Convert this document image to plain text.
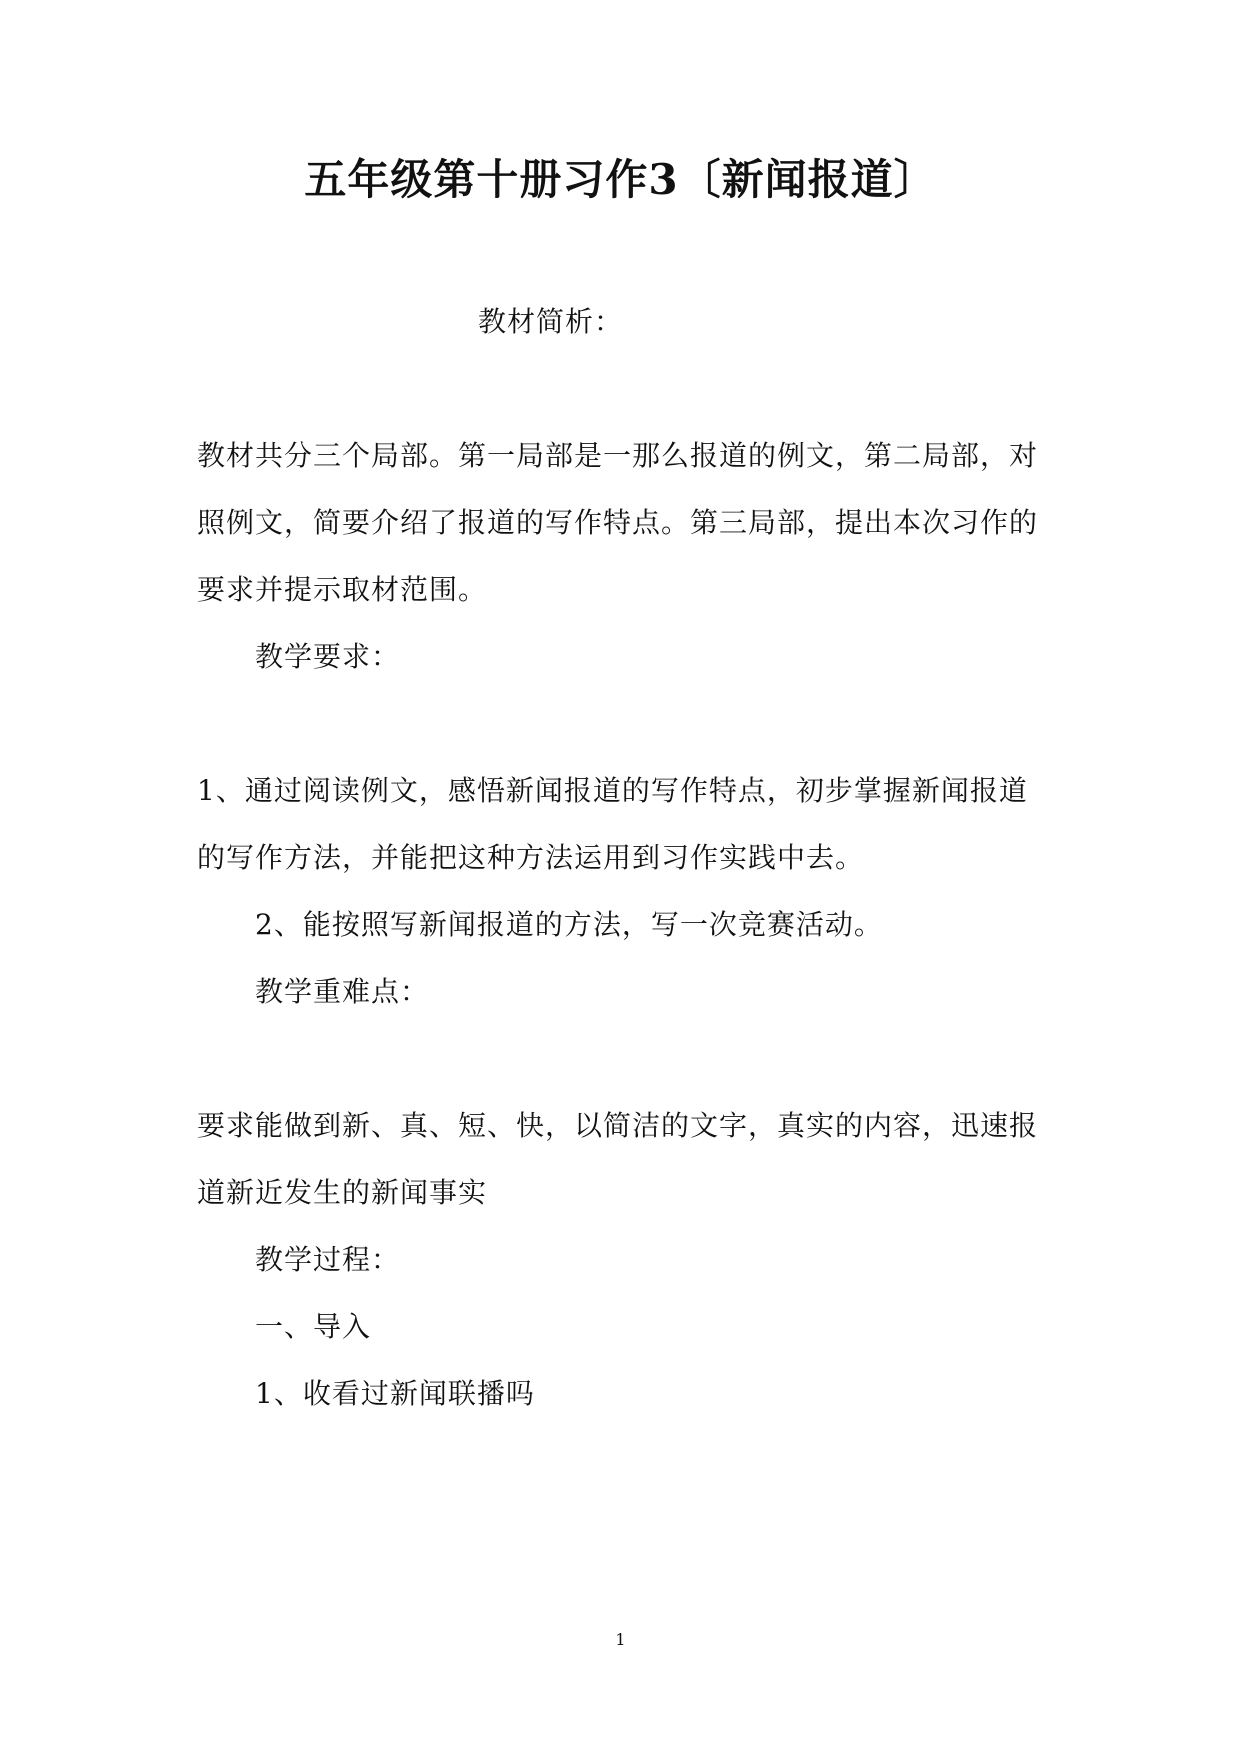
五年级第十册习作3〔新闻报道〕
教材简析：
教材共分三个局部。第一局部是一那么报道的例文，第二局部，对
照例文，简要介绍了报道的写作特点。第三局部，提出本次习作的
要求并提示取材范围。
教学要求：
1、通过阅读例文，感悟新闻报道的写作特点，初步掌握新闻报道
的写作方法，并能把这种方法运用到习作实践中去。
2、能按照写新闻报道的方法，写一次竞赛活动。
教学重难点：
要求能做到新、真、短、快，以简洁的文字，真实的内容，迅速报
道新近发生的新闻事实
教学过程：
一、导入
1、收看过新闻联播吗
1
